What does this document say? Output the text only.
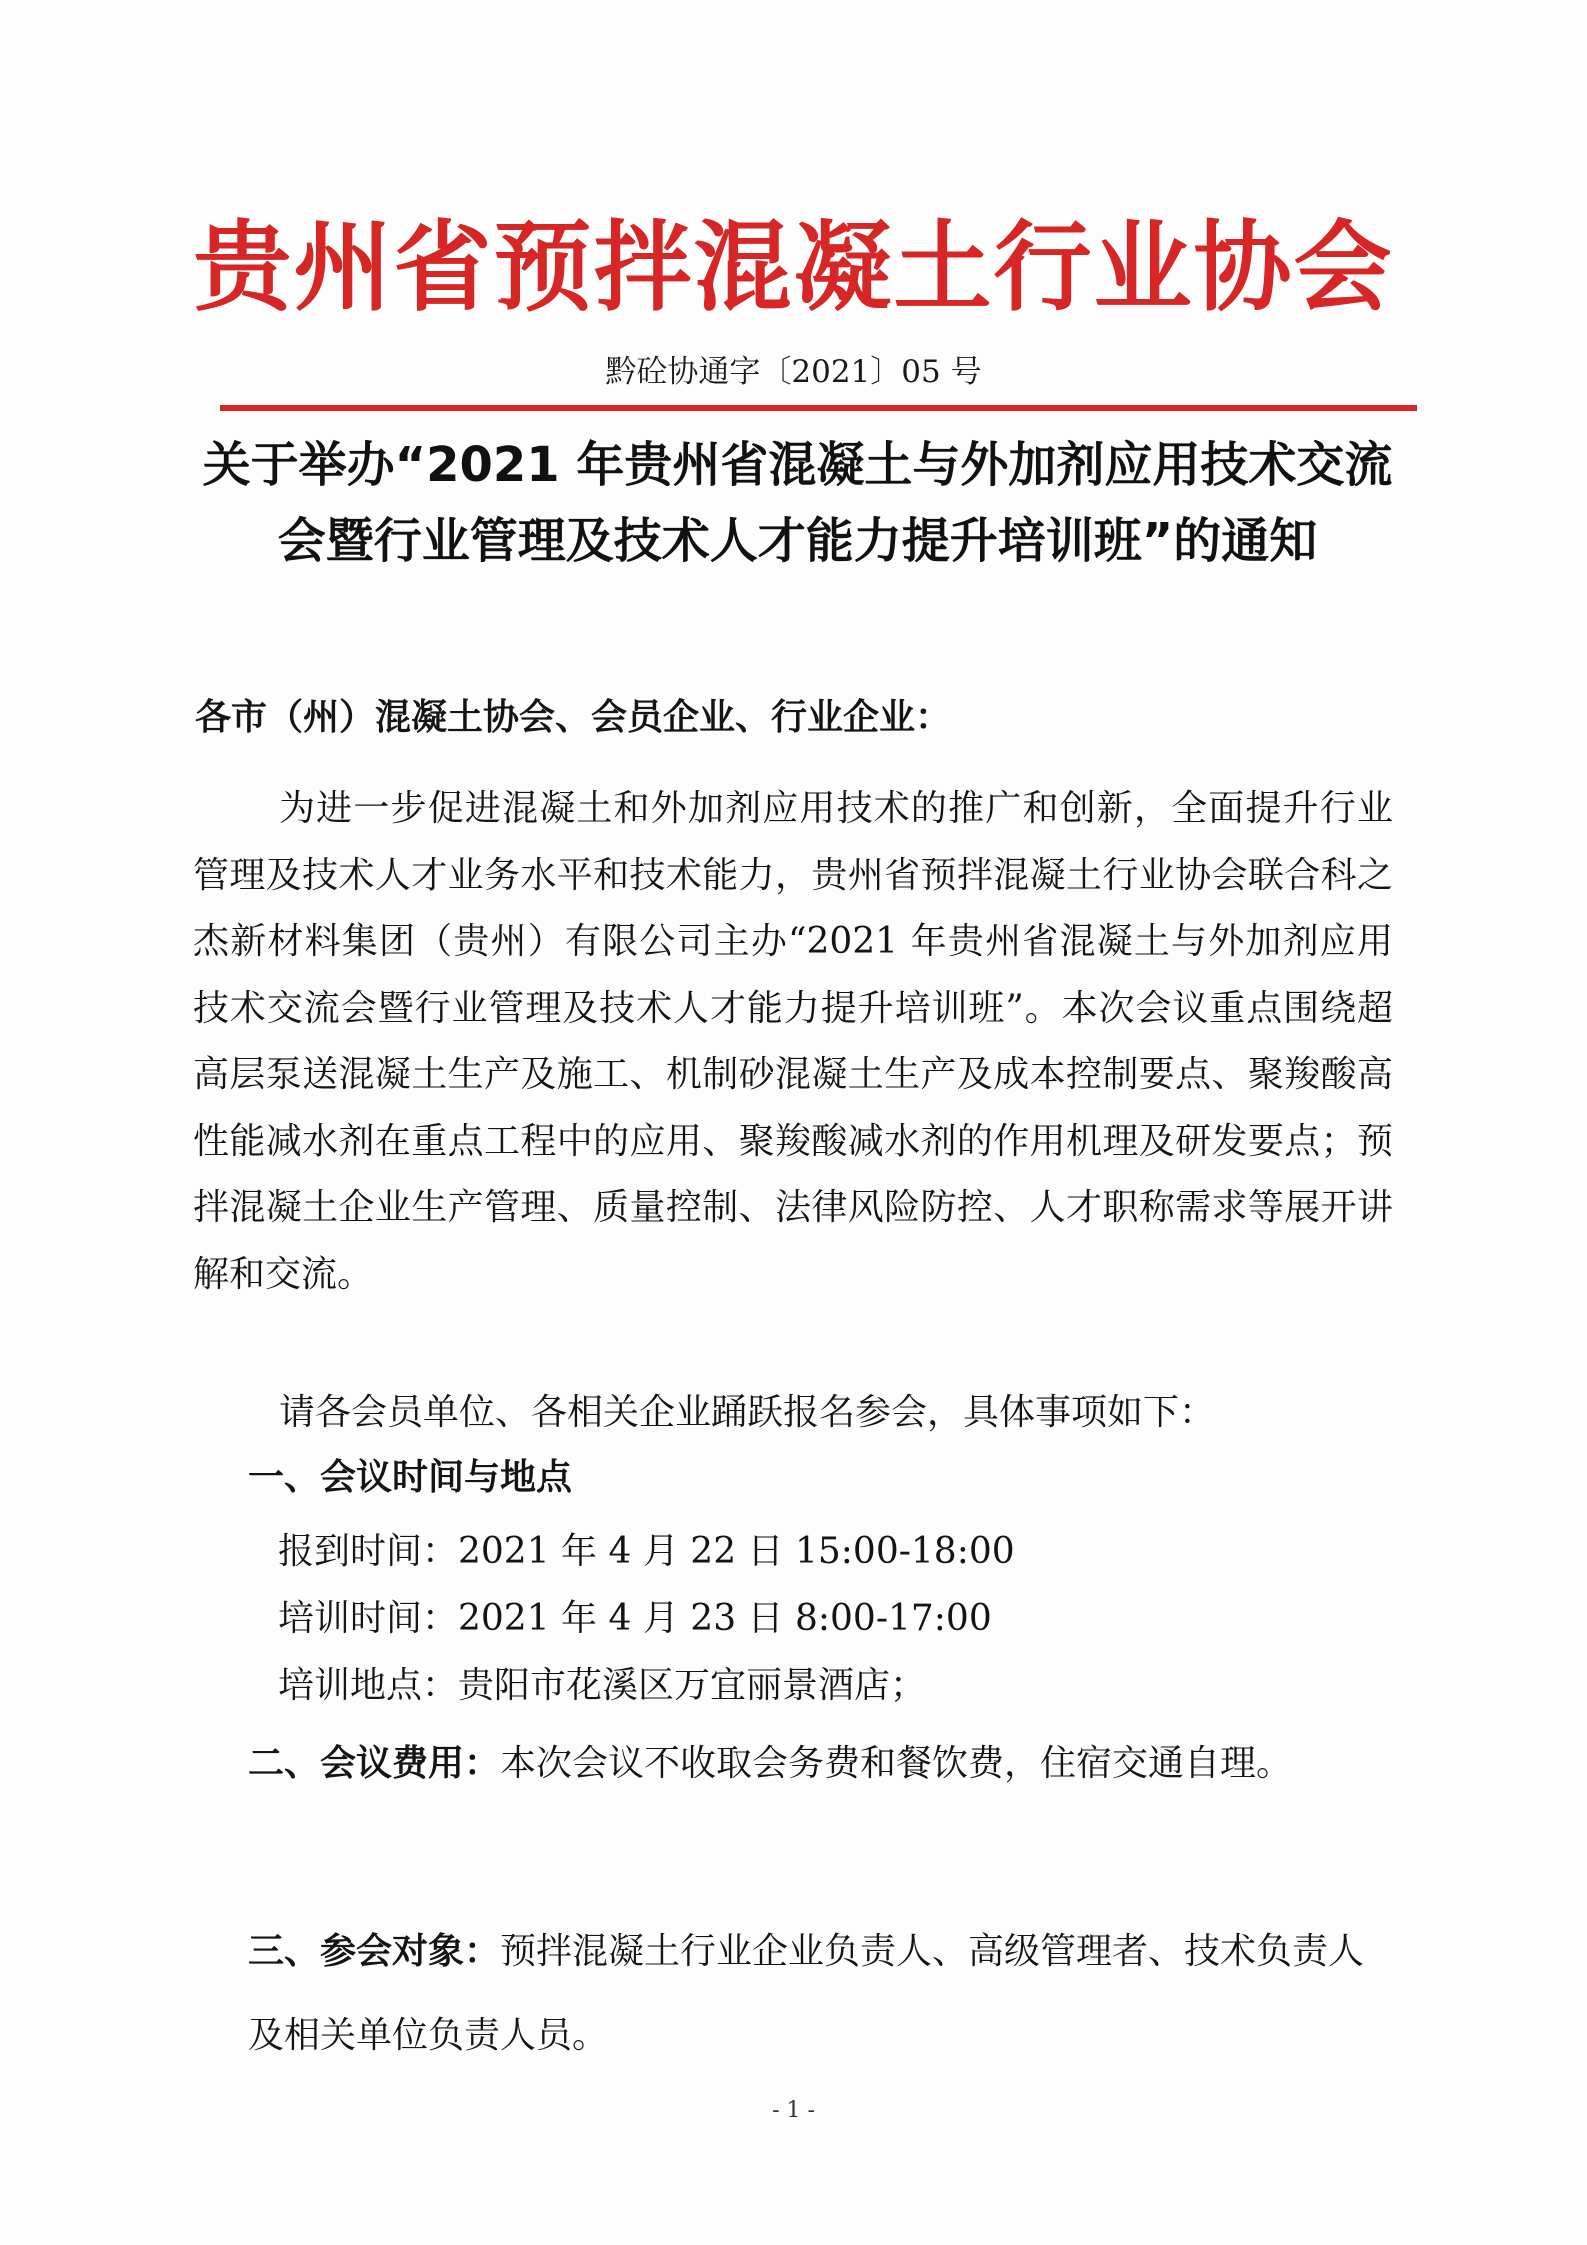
贵州省预拌混凝土行业协会
黔砼协通字〔2021〕05 号
关于举办“2021 年贵州省混凝土与外加剂应用技术交流会暨行业管理及技术人才能力提升培训班”的通知
各市（州）混凝土协会、会员企业、行业企业：
为进一步促进混凝土和外加剂应用技术的推广和创新，全面提升行业管理及技术人才业务水平和技术能力，贵州省预拌混凝土行业协会联合科之杰新材料集团（贵州）有限公司主办“2021 年贵州省混凝土与外加剂应用技术交流会暨行业管理及技术人才能力提升培训班”。本次会议重点围绕超高层泵送混凝土生产及施工、机制砂混凝土生产及成本控制要点、聚羧酸高性能减水剂在重点工程中的应用、聚羧酸减水剂的作用机理及研发要点；预拌混凝土企业生产管理、质量控制、法律风险防控、人才职称需求等展开讲解和交流。
请各会员单位、各相关企业踊跃报名参会，具体事项如下：
一、会议时间与地点
报到时间：2021 年 4 月 22 日 15:00-18:00
培训时间：2021 年 4 月 23 日 8:00-17:00
培训地点：贵阳市花溪区万宜丽景酒店；
二、会议费用：本次会议不收取会务费和餐饮费，住宿交通自理。
三、参会对象：预拌混凝土行业企业负责人、高级管理者、技术负责人及相关单位负责人员。
- 1 -
